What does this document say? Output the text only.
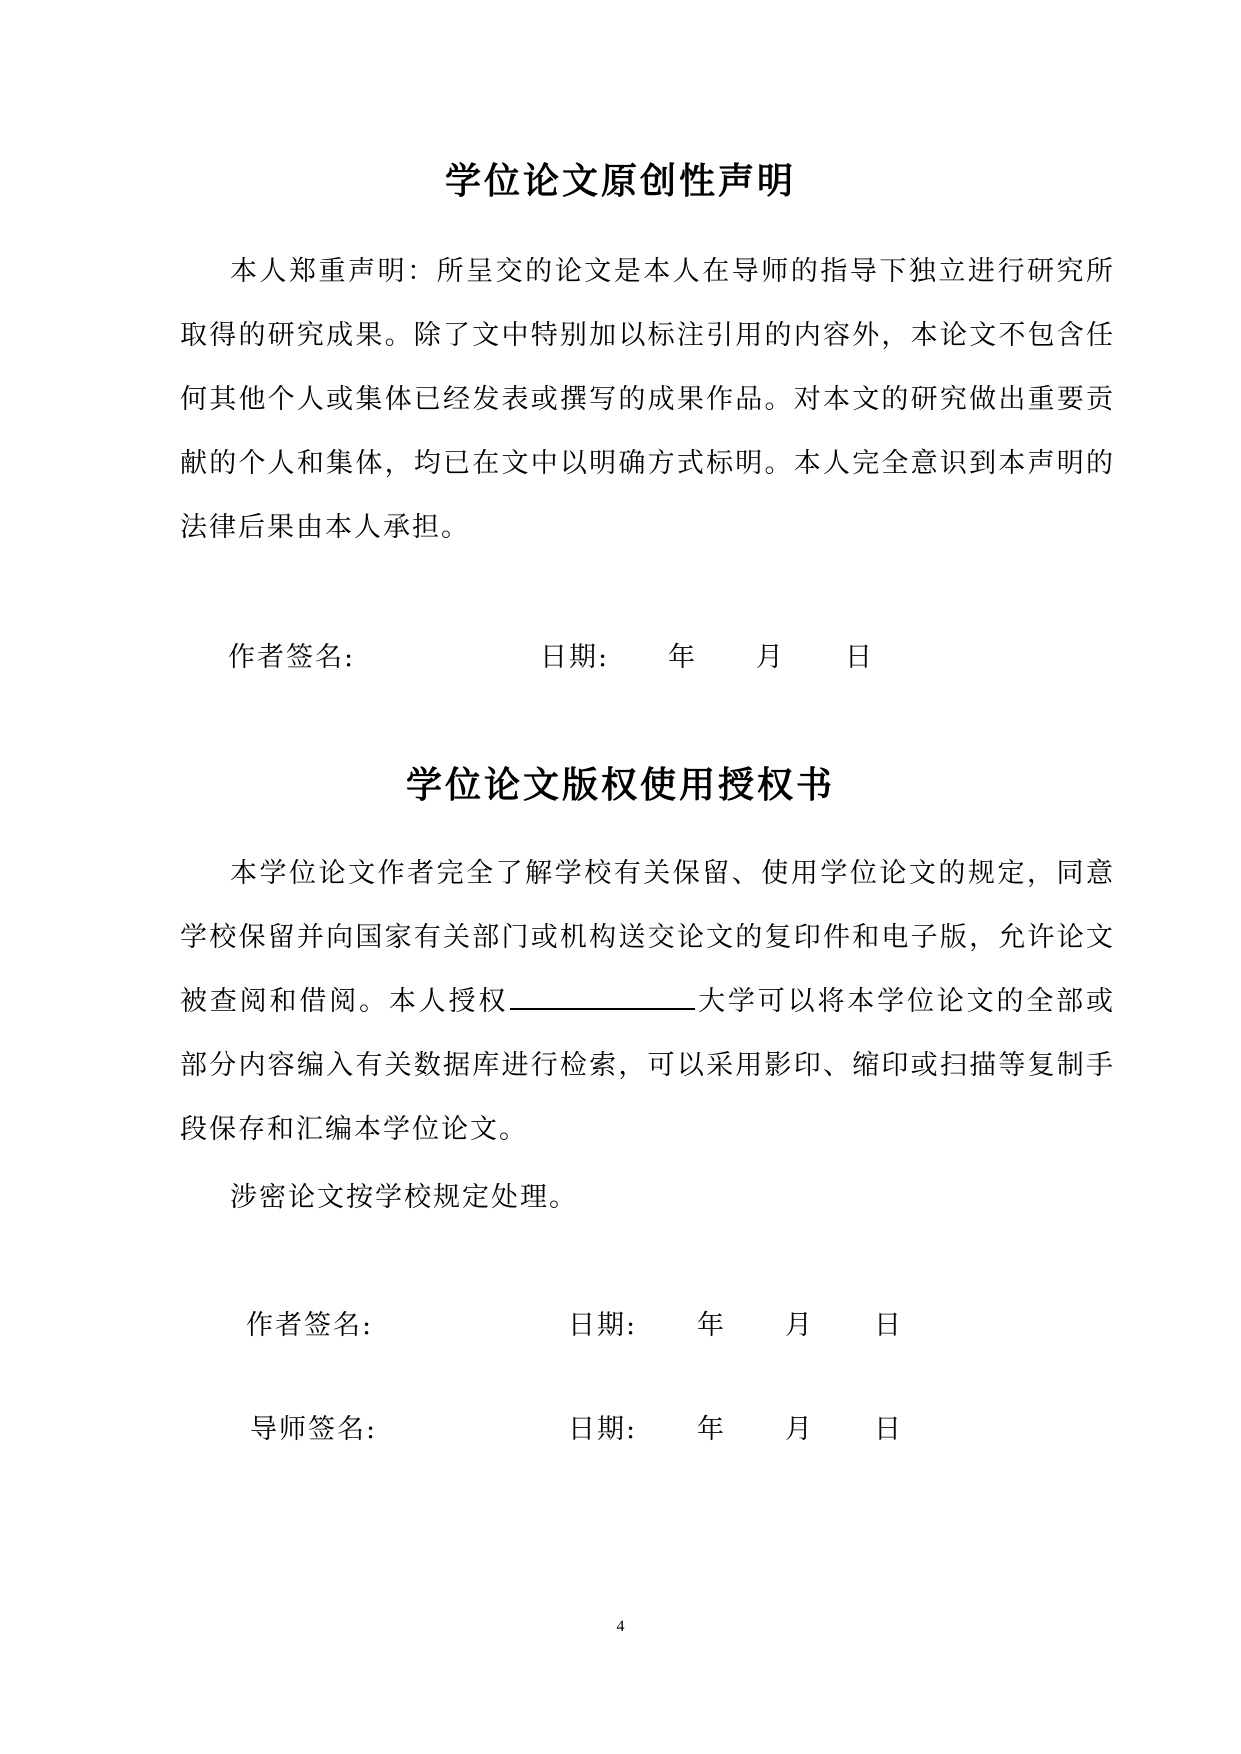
学位论文原创性声明
本人郑重声明：所呈交的论文是本人在导师的指导下独立进行研究所取得的研究成果。除了文中特别加以标注引用的内容外，本论文不包含任何其他个人或集体已经发表或撰写的成果作品。对本文的研究做出重要贡献的个人和集体，均已在文中以明确方式标明。本人完全意识到本声明的法律后果由本人承担。
作者签名:	日期: 年 月 日
学位论文版权使用授权书
本学位论文作者完全了解学校有关保留、使用学位论文的规定，同意学校保留并向国家有关部门或机构送交论文的复印件和电子版，允许论文被查阅和借阅。本人授权	大学可以将本学位论文的全部或部分内容编入有关数据库进行检索，可以采用影印、缩印或扫描等复制手段保存和汇编本学位论文。
涉密论文按学校规定处理。
作者签名:	日期: 年 月 日
导师签名:	日期: 年 月 日
4
